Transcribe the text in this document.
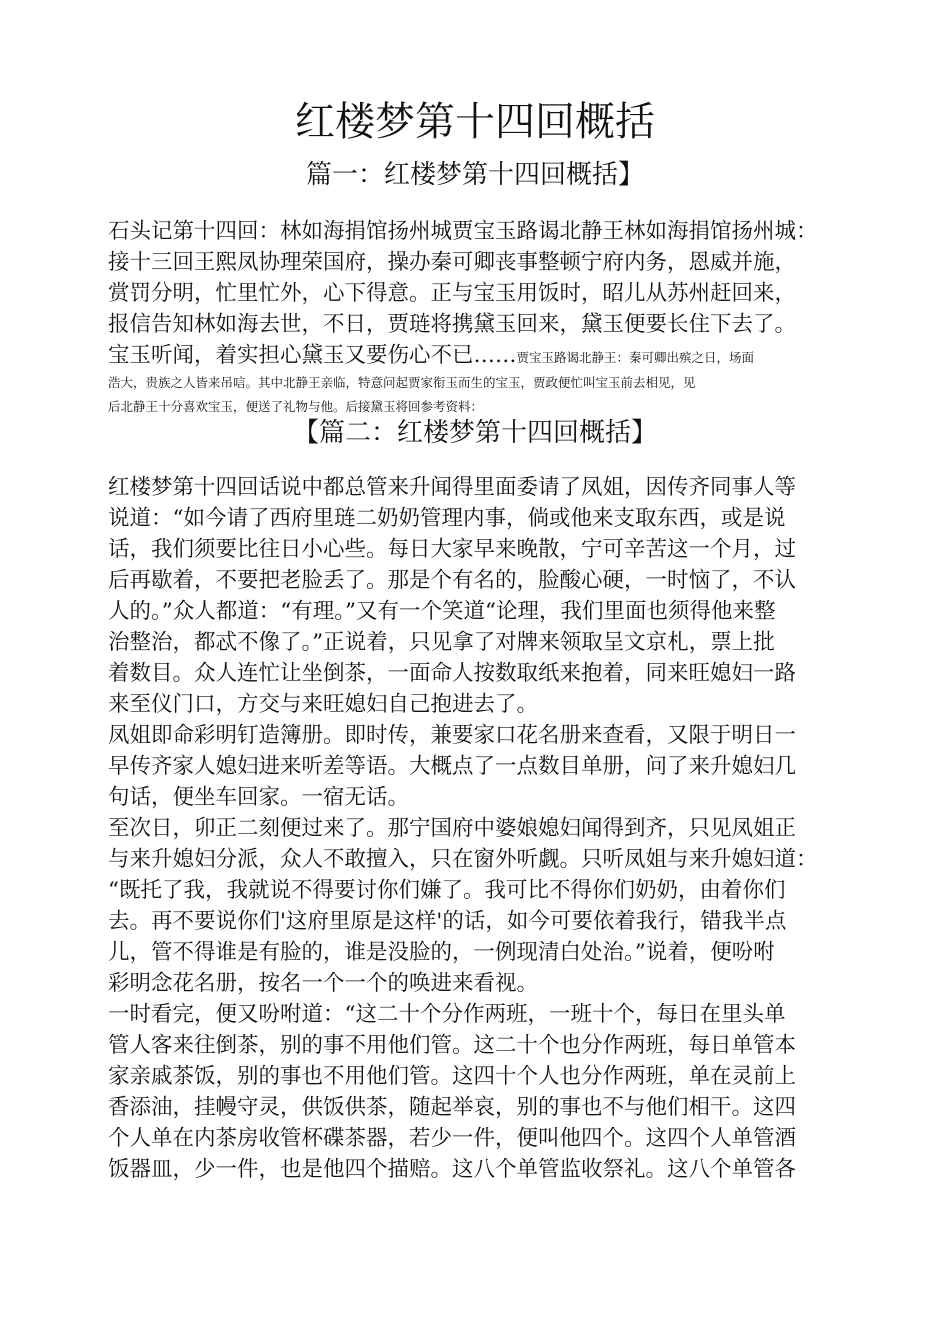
红楼梦第十四回概括
篇一：红楼梦第十四回概括】
石头记第十四回：林如海捐馆扬州城贾宝玉路谒北静王林如海捐馆扬州城：
接十三回王熙凤协理荣国府，操办秦可卿丧事整顿宁府内务，恩威并施，
赏罚分明，忙里忙外，心下得意。正与宝玉用饭时，昭儿从苏州赶回来，
报信告知林如海去世，不日，贾琏将携黛玉回来，黛玉便要长住下去了。
宝玉听闻，着实担心黛玉又要伤心不已……贾宝玉路谒北静王：秦可卿出殡之日，场面
浩大，贵族之人皆来吊唁。其中北静王亲临，特意问起贾家衔玉而生的宝玉，贾政便忙叫宝玉前去相见，见
后北静王十分喜欢宝玉，便送了礼物与他。后接黛玉将回参考资料：
【篇二：红楼梦第十四回概括】
红楼梦第十四回话说中都总管来升闻得里面委请了凤姐，因传齐同事人等
说道：“如今请了西府里琏二奶奶管理内事，倘或他来支取东西，或是说
话，我们须要比往日小心些。每日大家早来晚散，宁可辛苦这一个月，过
后再歇着，不要把老脸丢了。那是个有名的，脸酸心硬，一时恼了，不认
人的。”众人都道：“有理。”又有一个笑道“论理，我们里面也须得他来整
治整治，都忒不像了。”正说着，只见拿了对牌来领取呈文京札，票上批
着数目。众人连忙让坐倒茶，一面命人按数取纸来抱着，同来旺媳妇一路
来至仪门口，方交与来旺媳妇自己抱进去了。
凤姐即命彩明钉造簿册。即时传，兼要家口花名册来查看，又限于明日一
早传齐家人媳妇进来听差等语。大概点了一点数目单册，问了来升媳妇几
句话，便坐车回家。一宿无话。
至次日，卯正二刻便过来了。那宁国府中婆娘媳妇闻得到齐，只见凤姐正
与来升媳妇分派，众人不敢擅入，只在窗外听觑。只听凤姐与来升媳妇道：
“既托了我，我就说不得要讨你们嫌了。我可比不得你们奶奶，由着你们
去。再不要说你们'这府里原是这样'的话，如今可要依着我行，错我半点
儿，管不得谁是有脸的，谁是没脸的，一例现清白处治。”说着，便吩咐
彩明念花名册，按名一个一个的唤进来看视。
一时看完，便又吩咐道：“这二十个分作两班，一班十个，每日在里头单
管人客来往倒茶，别的事不用他们管。这二十个也分作两班，每日单管本
家亲戚茶饭，别的事也不用他们管。这四十个人也分作两班，单在灵前上
香添油，挂幔守灵，供饭供茶，随起举哀，别的事也不与他们相干。这四
个人单在内茶房收管杯碟茶器，若少一件，便叫他四个。这四个人单管酒
饭器皿，少一件，也是他四个描赔。这八个单管监收祭礼。这八个单管各
